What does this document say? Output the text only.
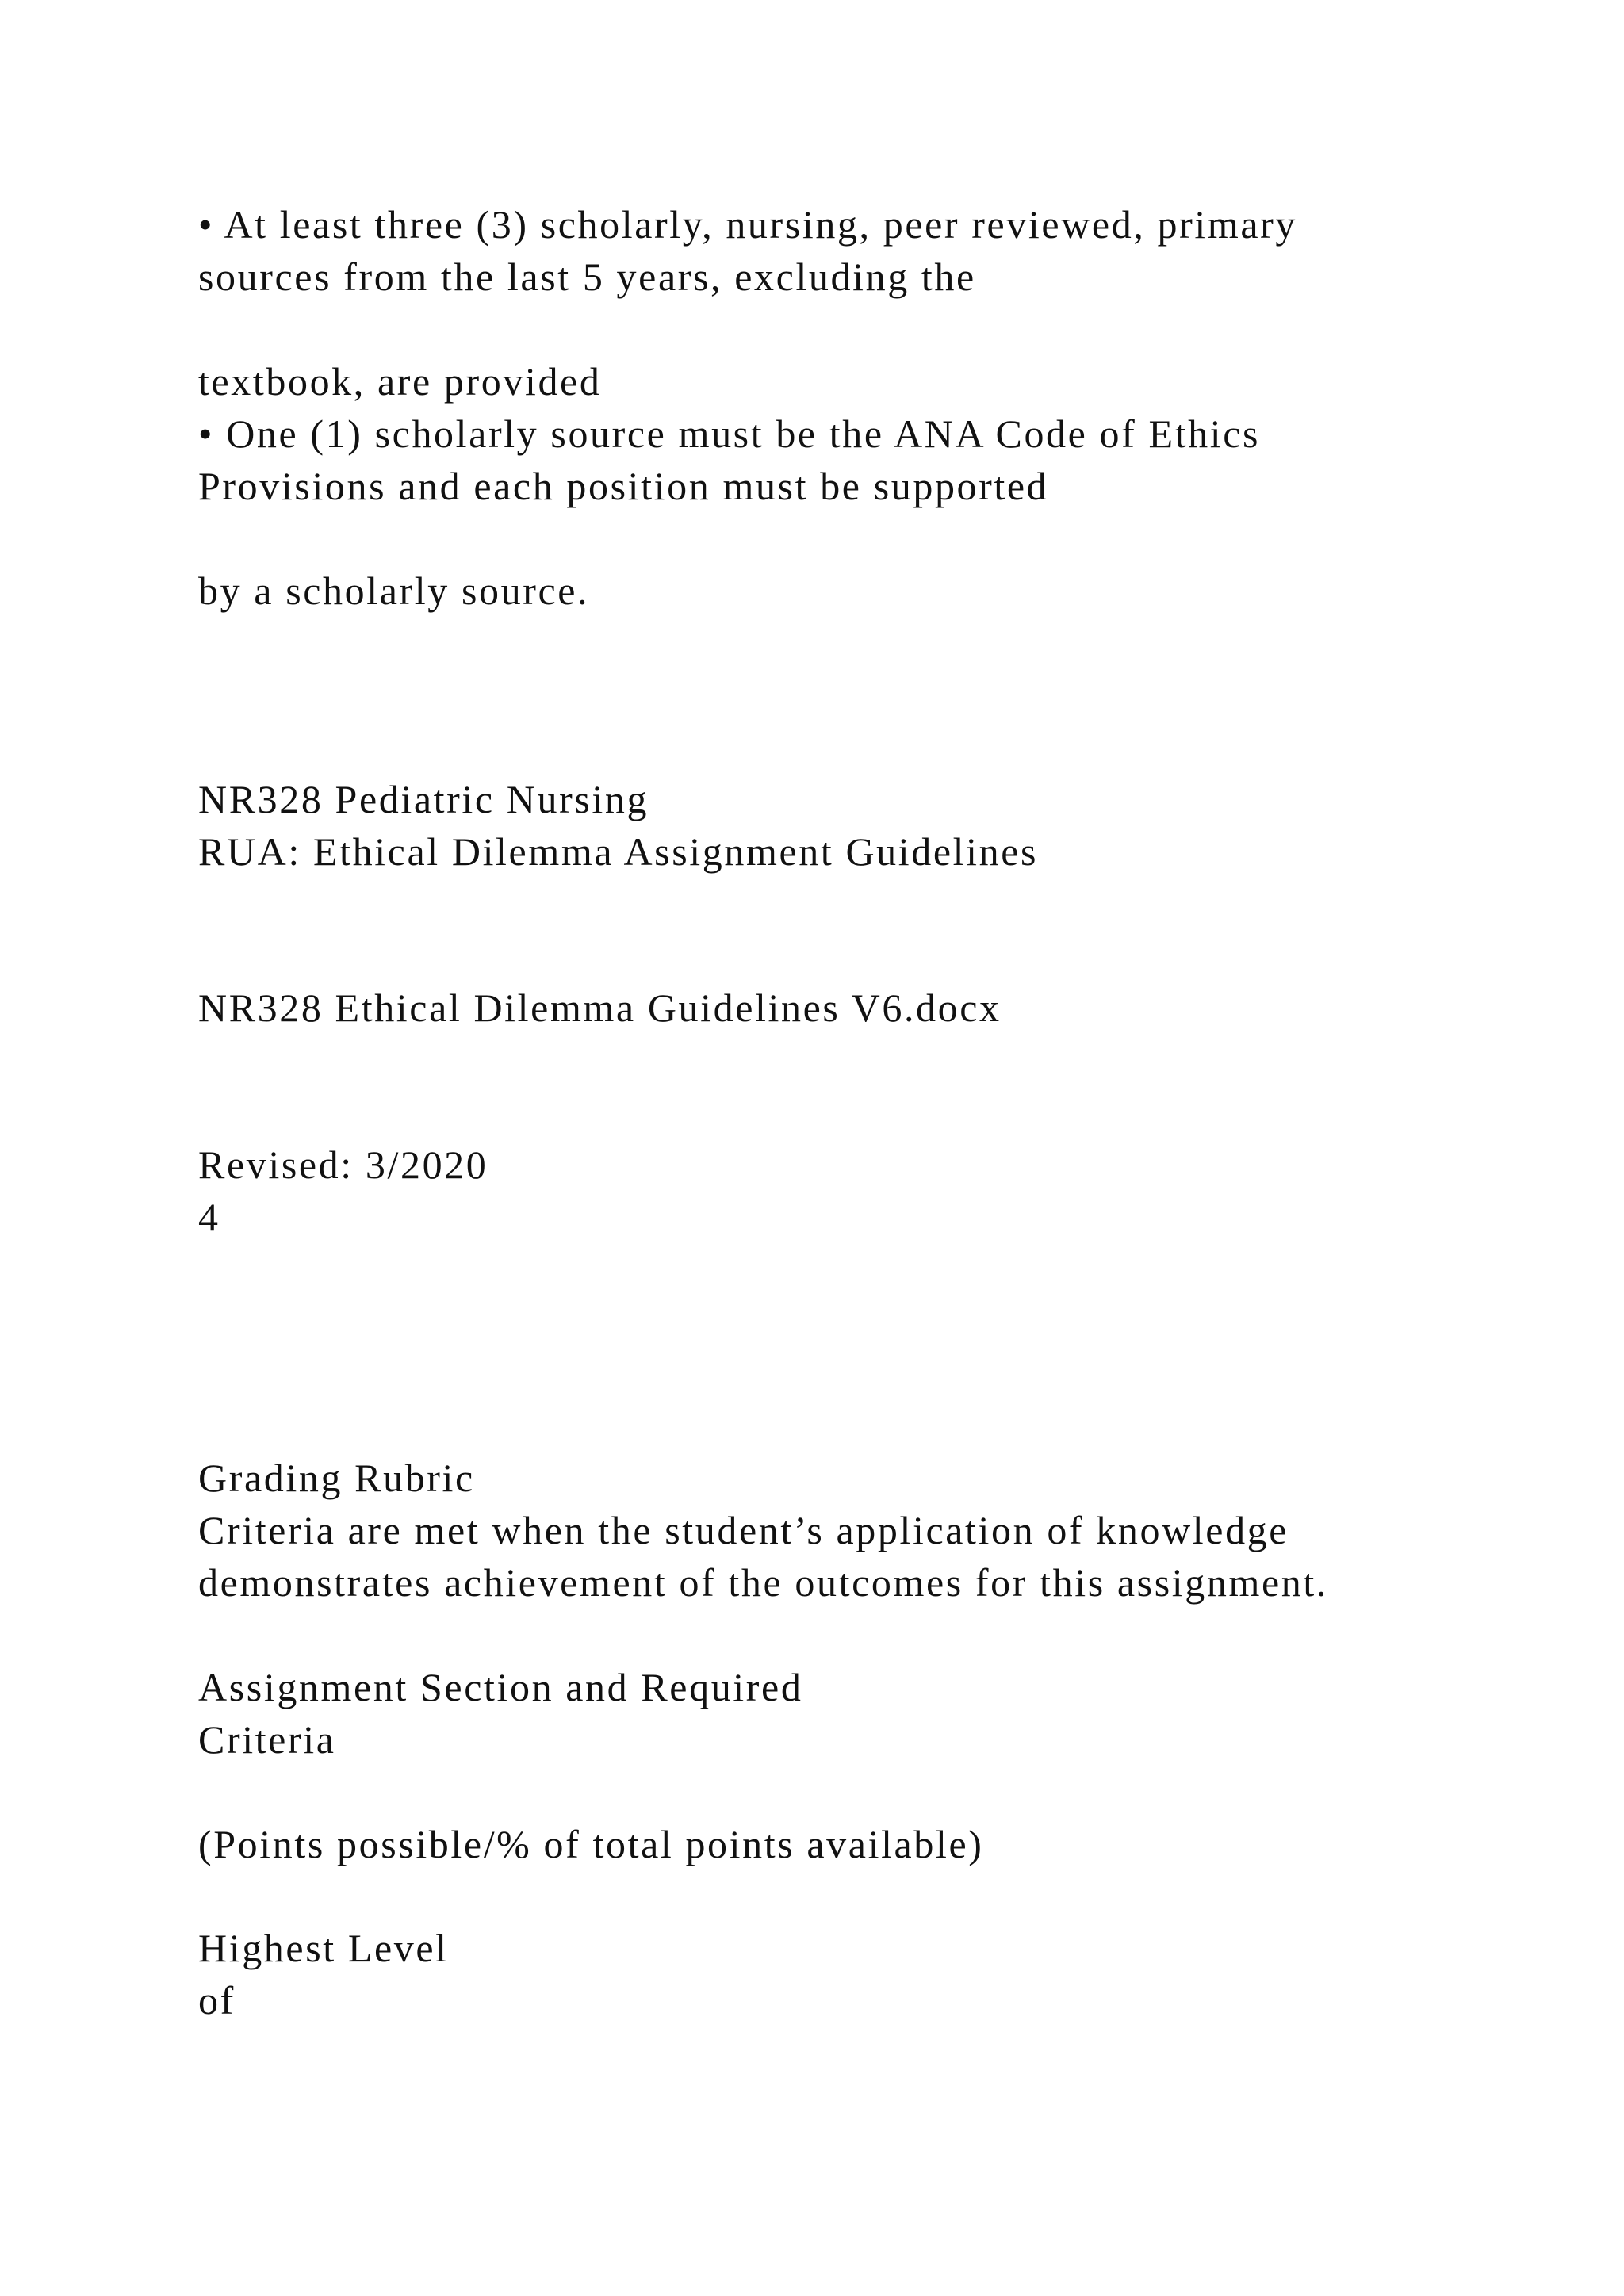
• At least three (3) scholarly, nursing, peer reviewed, primary
sources from the last 5 years, excluding the
textbook, are provided
• One (1) scholarly source must be the ANA Code of Ethics
Provisions and each position must be supported
by a scholarly source.
NR328 Pediatric Nursing
RUA: Ethical Dilemma Assignment Guidelines
NR328 Ethical Dilemma Guidelines V6.docx
Revised: 3/2020
4
Grading Rubric
Criteria are met when the student’s application of knowledge
demonstrates achievement of the outcomes for this assignment.
Assignment Section and Required
Criteria
(Points possible/% of total points available)
Highest Level
of
